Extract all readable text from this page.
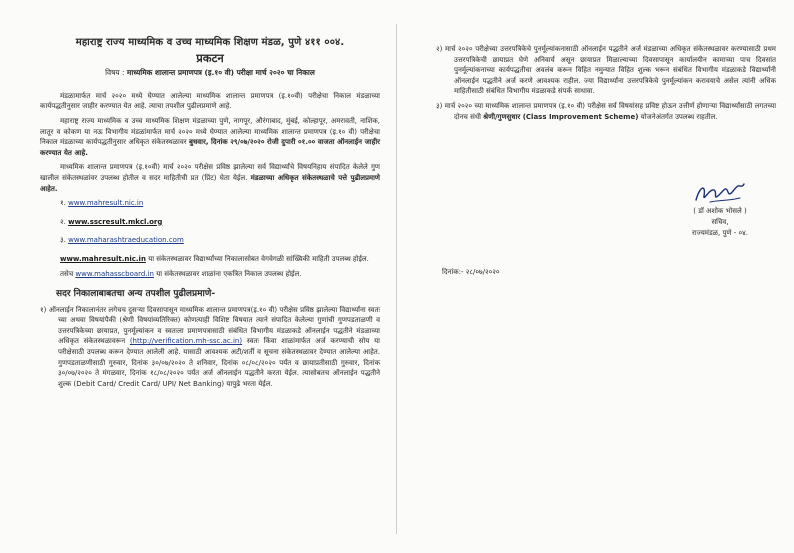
महाराष्ट्र राज्य माध्यमिक व उच्च माध्यमिक शिक्षण मंडळ, पुणे ४११ ००४.
प्रकटन
विषय : माध्यमिक शालान्त प्रमाणपत्र (इ.१० वी) परीक्षा मार्च २०२० चा निकाल

मंडळामार्फत मार्च २०२० मध्ये घेण्यात आलेल्या माध्यमिक शालान्त प्रमाणपत्र (इ.१०वी) परीक्षेचा निकाल मंडळाच्या कार्यपद्धतीनुसार जाहीर करण्यात येत आहे. त्याचा तपशील पुढीलप्रमाणे आहे.

महाराष्ट्र राज्य माध्यमिक व उच्च माध्यमिक शिक्षण मंडळाच्या पुणे, नागपूर, औरंगाबाद, मुंबई, कोल्हापूर, अमरावती, नाशिक, लातूर व कोकण या नऊ विभागीय मंडळांमार्फत मार्च २०२० मध्ये घेण्यात आलेल्या माध्यमिक शालान्त प्रमाणपत्र (इ.१० वी) परीक्षेचा निकाल मंडळाच्या कार्यपद्धतीनुसार अधिकृत संकेतस्थळावर बुधवार, दिनांक २९/०७/२०२० रोजी दुपारी ०१.०० वाजता ऑनलाईन जाहीर करण्यात येत आहे.

माध्यमिक शालान्त प्रमाणपत्र (इ.१०वी) मार्च २०२० परीक्षेस प्रविष्ठ झालेल्या सर्व विद्यार्थ्यांचे विषयनिहाय संपादित केलेले गुण खालील संकेतस्थळांवर उपलब्ध होतील व सदर माहितीची प्रत (प्रिंट) घेता येईल. मंडळाच्या अधिकृत संकेतस्थळाचे पत्ते पुढीलप्रमाणे आहेत.

१. www.mahresult.nic.in
२. www.sscresult.mkcl.org
३. www.maharashtraeducation.com

www.mahresult.nic.in या संकेतस्थळावर विद्यार्थ्यांच्या निकालासोबत वेगवेगळी सांख्यिकी माहिती उपलब्ध होईल.

तसेच www.mahasscboard.in या संकेतस्थळावर शाळांना एकत्रित निकाल उपलब्ध होईल.

सदर निकालाबाबतचा अन्य तपशील पुढीलप्रमाणे-

१) ऑनलाईन निकालानंतर लगेचच दुसऱ्या दिवसापासून माध्यमिक शालान्त प्रमाणपत्र(इ.१० वी) परीक्षेस प्रविष्ठ झालेल्या विद्यार्थ्यांना स्वतः च्या अथवा विषयांपैकी (श्रेणी विषयांव्यतिरिक्त) कोणत्याही विशिष्ट विषयात त्याने संपादित केलेल्या गुणांची गुणपडताळणी व उत्तरपत्रिकेच्या छायाप्रत, पुनर्मूल्यांकन व स्वतःला प्रमाणपत्रासाठी संबंधित विभागीय मंडळाकडे ऑनलाईन पद्धतीने मंडळाच्या अधिकृत संकेतस्थळावरून (http://verification.mh-ssc.ac.in) स्वतः किंवा शाळांमार्फत अर्ज करण्याची सोय या परीक्षेसाठी उपलब्ध करून देण्यात आलेली आहे. यासाठी आवश्यक अटी/शर्ती व सूचना संकेतस्थळावर देण्यात आलेल्या आहेत. गुणपडताळणीसाठी गुरुवार, दिनांक ३०/०७/२०२० ते शनिवार, दिनांक ०८/०८/२०२० पर्यंत व छायाप्रतीसाठी गुरुवार, दिनांक ३०/०७/२०२० ते मंगळवार, दिनांक १८/०८/२०२० पर्यंत अर्ज ऑनलाईन पद्धतीने करता येईल. त्यासोबतच ऑनलाईन पद्धतीने शुल्क (Debit Card/ Credit Card/ UPI/ Net Banking) यापुढे भरता येईल.

२) मार्च २०२० परीक्षेच्या उत्तरपत्रिकेचे पुनर्मूल्यांकनासाठी ऑनलाईन पद्धतीने अर्ज मंडळाच्या अधिकृत संकेतस्थळावर करण्यासाठी प्रथम उत्तरपत्रिकेची छायाप्रत घेणे अनिवार्य असून छायाप्रत मिळाल्याच्या दिवसापासून कार्यालयीन कामाच्या पाच दिवसांत पुनर्मूल्यांकनाच्या कार्यपद्धतीचा अवलंब करून विहित नमुन्यात विहित शुल्क भरून संबंधित विभागीय मंडळाकडे विद्यार्थ्यांनी ऑनलाईन पद्धतीने अर्ज करणे आवश्यक राहील. ज्या विद्यार्थ्यांना उत्तरपत्रिकेचे पुनर्मूल्यांकन करावयाचे असेल त्यांनी अधिक माहितीसाठी संबंधित विभागीय मंडळाकडे संपर्क साधावा.

३) मार्च २०२० च्या माध्यमिक शालान्त प्रमाणपत्र (इ.१० वी) परीक्षेस सर्व विषयांसह प्रविष्ट होऊन उत्तीर्ण होणाऱ्या विद्यार्थ्यांसाठी लगतच्या दोनच संधी श्रेणी/गुणसुधार (Class Improvement Scheme) योजनेअंतर्गत उपलब्ध राहतील.

( डॉ अशोक भोसले )
सचिव,
राज्यमंडळ, पुणे - ०४.
दिनांक:- २८/०७/२०२०
